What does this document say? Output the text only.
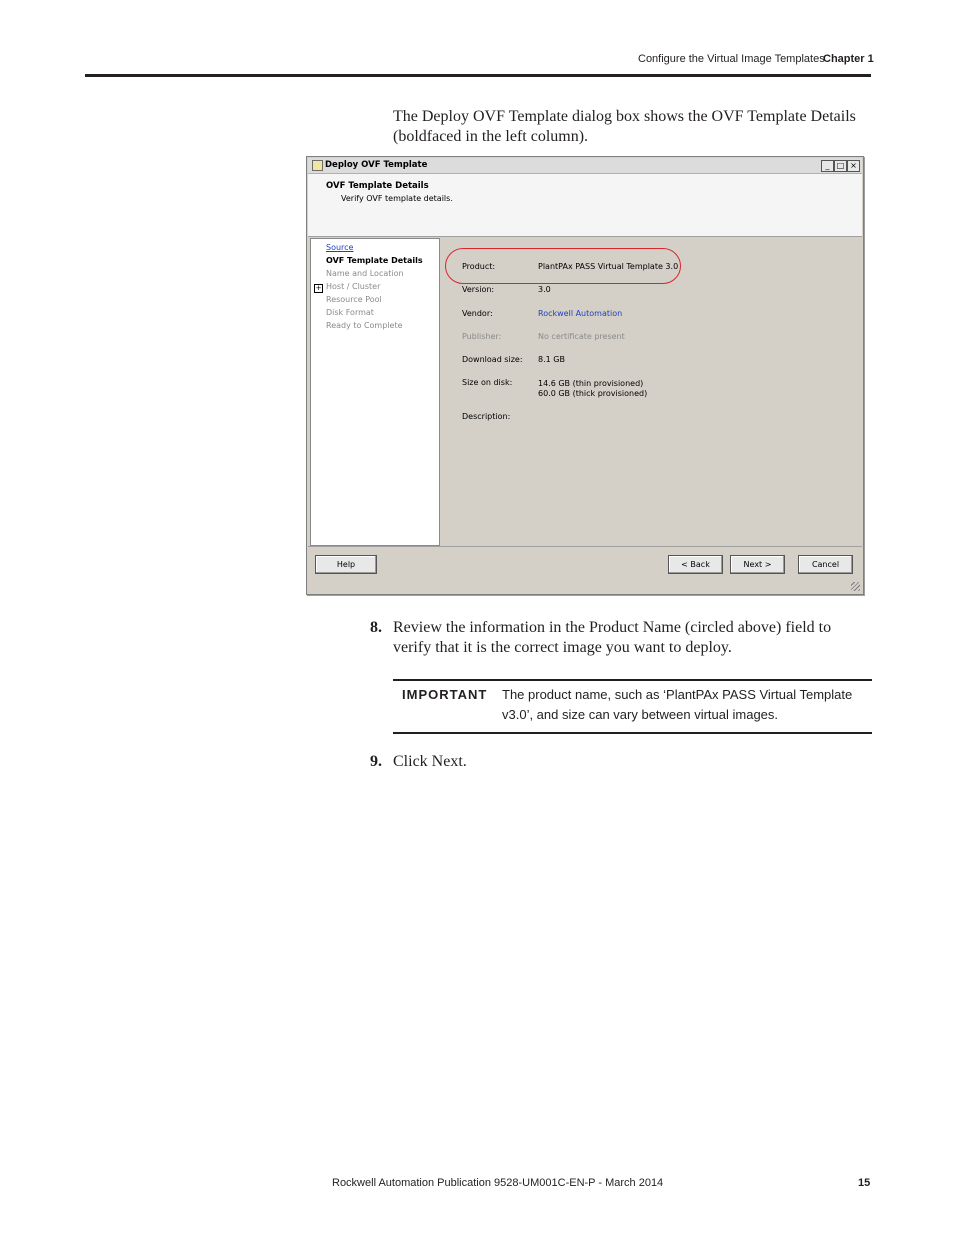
Configure the Virtual Image Templates
Chapter 1
The Deploy OVF Template dialog box shows the OVF Template Details (boldfaced in the left column).
Deploy OVF Template	_ □ ×
OVF Template Details
Verify OVF template details.
Source
OVF Template Details
Name and Location
+ Host / Cluster
Resource Pool
Disk Format
Ready to Complete
Product:	PlantPAx PASS Virtual Template 3.0
Version:	3.0
Vendor:	Rockwell Automation
Publisher:	No certificate present
Download size: 8.1 GB
Size on disk:	14.6 GB (thin provisioned)
60.0 GB (thick provisioned)
Description:
Help	< Back	Next >	Cancel
8. Review the information in the Product Name (circled above) field to verify that it is the correct image you want to deploy.
IMPORTANT The product name, such as ‘PlantPAx PASS Virtual Template v3.0’, and size can vary between virtual images.
9. Click Next.
Rockwell Automation Publication 9528-UM001C-EN-P - March 2014	15
